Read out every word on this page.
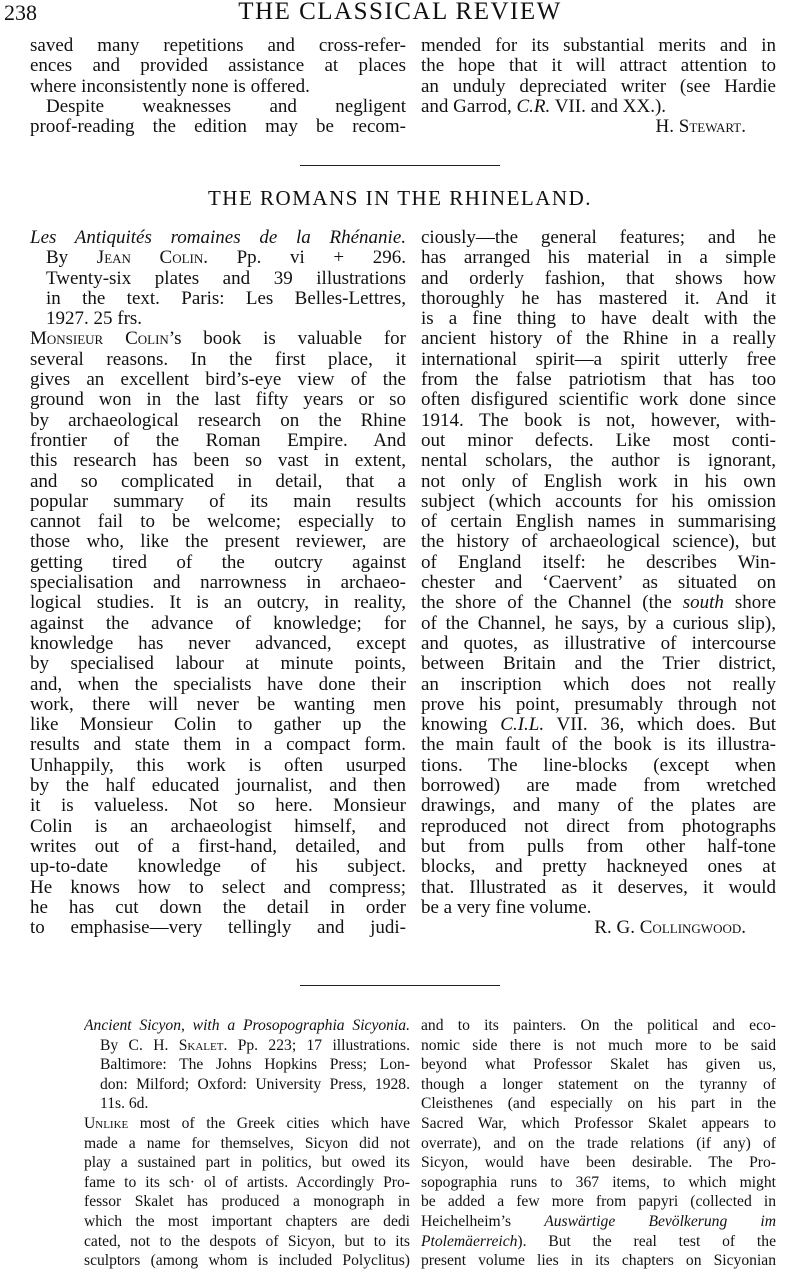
238	THE CLASSICAL REVIEW
saved many repetitions and cross-refer-
ences and provided assistance at places
where inconsistently none is offered.
Despite weaknesses and negligent
proof-reading the edition may be recom-
mended for its substantial merits and in
the hope that it will attract attention to
an unduly depreciated writer (see Hardie
and Garrod, C.R. VII. and XX.).
H. Stewart.
THE ROMANS IN THE RHINELAND.
Les Antiquités romaines de la Rhénanie.
By Jean Colin. Pp. vi + 296.
Twenty-six plates and 39 illustrations
in the text. Paris: Les Belles-Lettres,
1927. 25 frs.
Monsieur Colin’s book is valuable for
several reasons. In the first place, it
gives an excellent bird’s-eye view of the
ground won in the last fifty years or so
by archaeological research on the Rhine
frontier of the Roman Empire. And
this research has been so vast in extent,
and so complicated in detail, that a
popular summary of its main results
cannot fail to be welcome; especially to
those who, like the present reviewer, are
getting tired of the outcry against
specialisation and narrowness in archaeo-
logical studies. It is an outcry, in reality,
against the advance of knowledge; for
knowledge has never advanced, except
by specialised labour at minute points,
and, when the specialists have done their
work, there will never be wanting men
like Monsieur Colin to gather up the
results and state them in a compact form.
Unhappily, this work is often usurped
by the half educated journalist, and then
it is valueless. Not so here. Monsieur
Colin is an archaeologist himself, and
writes out of a first-hand, detailed, and
up-to-date knowledge of his subject.
He knows how to select and compress;
he has cut down the detail in order
to emphasise—very tellingly and judi-
ciously—the general features; and he
has arranged his material in a simple
and orderly fashion, that shows how
thoroughly he has mastered it. And it
is a fine thing to have dealt with the
ancient history of the Rhine in a really
international spirit—a spirit utterly free
from the false patriotism that has too
often disfigured scientific work done since
1914. The book is not, however, with-
out minor defects. Like most conti-
nental scholars, the author is ignorant,
not only of English work in his own
subject (which accounts for his omission
of certain English names in summarising
the history of archaeological science), but
of England itself: he describes Win-
chester and ‘Caervent’ as situated on
the shore of the Channel (the south shore
of the Channel, he says, by a curious slip),
and quotes, as illustrative of intercourse
between Britain and the Trier district,
an inscription which does not really
prove his point, presumably through not
knowing C.I.L. VII. 36, which does. But
the main fault of the book is its illustra-
tions. The line-blocks (except when
borrowed) are made from wretched
drawings, and many of the plates are
reproduced not direct from photographs
but from pulls from other half-tone
blocks, and pretty hackneyed ones at
that. Illustrated as it deserves, it would
be a very fine volume.
R. G. Collingwood.
Ancient Sicyon, with a Prosopographia Sicyonia.
By C. H. Skalet. Pp. 223; 17 illustrations.
Baltimore: The Johns Hopkins Press; Lon-
don: Milford; Oxford: University Press, 1928.
11s. 6d.
Unlike most of the Greek cities which have
made a name for themselves, Sicyon did not
play a sustained part in politics, but owed its
fame to its sch· ol of artists. Accordingly Pro-
fessor Skalet has produced a monograph in
which the most important chapters are dedi
cated, not to the despots of Sicyon, but to its
sculptors (among whom is included Polyclitus)
and to its painters. On the political and eco-
nomic side there is not much more to be said
beyond what Professor Skalet has given us,
though a longer statement on the tyranny of
Cleisthenes (and especially on his part in the
Sacred War, which Professor Skalet appears to
overrate), and on the trade relations (if any) of
Sicyon, would have been desirable. The Pro-
sopographia runs to 367 items, to which might
be added a few more from papyri (collected in
Heichelheim’s Auswärtige Bevölkerung im
Ptolemäerreich). But the real test of the
present volume lies in its chapters on Sicyonian
